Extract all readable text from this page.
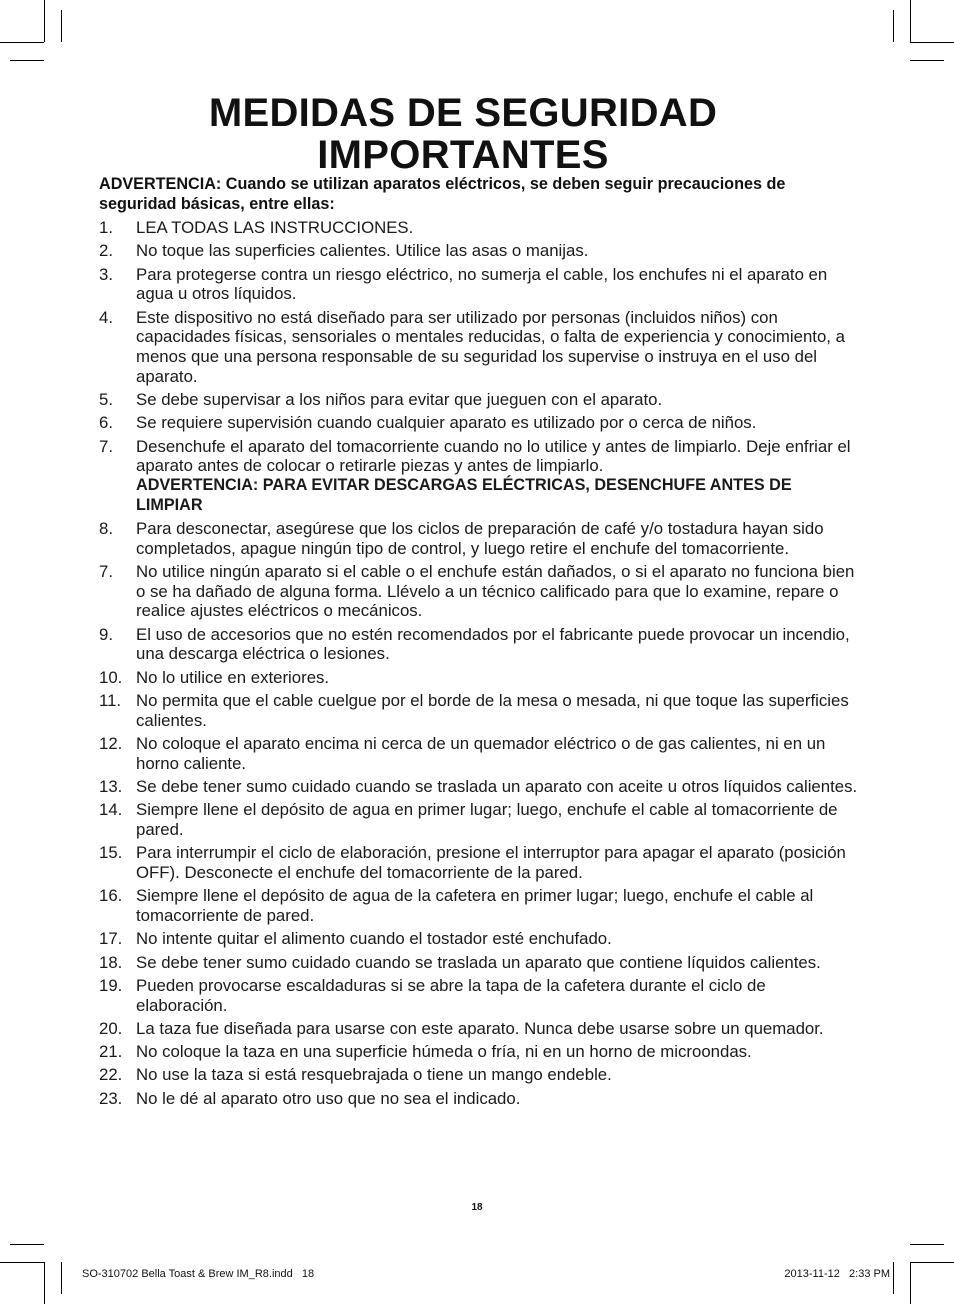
MEDIDAS DE SEGURIDAD
IMPORTANTES
ADVERTENCIA: Cuando se utilizan aparatos eléctricos, se deben seguir precauciones de seguridad básicas, entre ellas:
1. LEA TODAS LAS INSTRUCCIONES.
2. No toque las superficies calientes. Utilice las asas o manijas.
3. Para protegerse contra un riesgo eléctrico, no sumerja el cable, los enchufes ni el aparato en agua u otros líquidos.
4. Este dispositivo no está diseñado para ser utilizado por personas (incluidos niños) con capacidades físicas, sensoriales o mentales reducidas, o falta de experiencia y conocimiento, a menos que una persona responsable de su seguridad los supervise o instruya en el uso del aparato.
5. Se debe supervisar a los niños para evitar que jueguen con el aparato.
6. Se requiere supervisión cuando cualquier aparato es utilizado por o cerca de niños.
7. Desenchufe el aparato del tomacorriente cuando no lo utilice y antes de limpiarlo. Deje enfriar el aparato antes de colocar o retirarle piezas y antes de limpiarlo.
ADVERTENCIA: PARA EVITAR DESCARGAS ELÉCTRICAS, DESENCHUFE ANTES DE LIMPIAR
8. Para desconectar, asegúrese que los ciclos de preparación de café y/o tostadura hayan sido completados, apague ningún tipo de control, y luego retire el enchufe del tomacorriente.
7. No utilice ningún aparato si el cable o el enchufe están dañados, o si el aparato no funciona bien o se ha dañado de alguna forma. Llévelo a un técnico calificado para que lo examine, repare o realice ajustes eléctricos o mecánicos.
9. El uso de accesorios que no estén recomendados por el fabricante puede provocar un incendio, una descarga eléctrica o lesiones.
10. No lo utilice en exteriores.
11. No permita que el cable cuelgue por el borde de la mesa o mesada, ni que toque las superficies calientes.
12. No coloque el aparato encima ni cerca de un quemador eléctrico o de gas calientes, ni en un horno caliente.
13. Se debe tener sumo cuidado cuando se traslada un aparato con aceite u otros líquidos calientes.
14. Siempre llene el depósito de agua en primer lugar; luego, enchufe el cable al tomacorriente de pared.
15. Para interrumpir el ciclo de elaboración, presione el interruptor para apagar el aparato (posición OFF). Desconecte el enchufe del tomacorriente de la pared.
16. Siempre llene el depósito de agua de la cafetera en primer lugar; luego, enchufe el cable al tomacorriente de pared.
17. No intente quitar el alimento cuando el tostador esté enchufado.
18. Se debe tener sumo cuidado cuando se traslada un aparato que contiene líquidos calientes.
19. Pueden provocarse escaldaduras si se abre la tapa de la cafetera durante el ciclo de elaboración.
20. La taza fue diseñada para usarse con este aparato. Nunca debe usarse sobre un quemador.
21. No coloque la taza en una superficie húmeda o fría, ni en un horno de microondas.
22. No use la taza si está resquebrajada o tiene un mango endeble.
23. No le dé al aparato otro uso que no sea el indicado.
18
SO-310702 Bella Toast & Brew IM_R8.indd   18	2013-11-12   2:33 PM
